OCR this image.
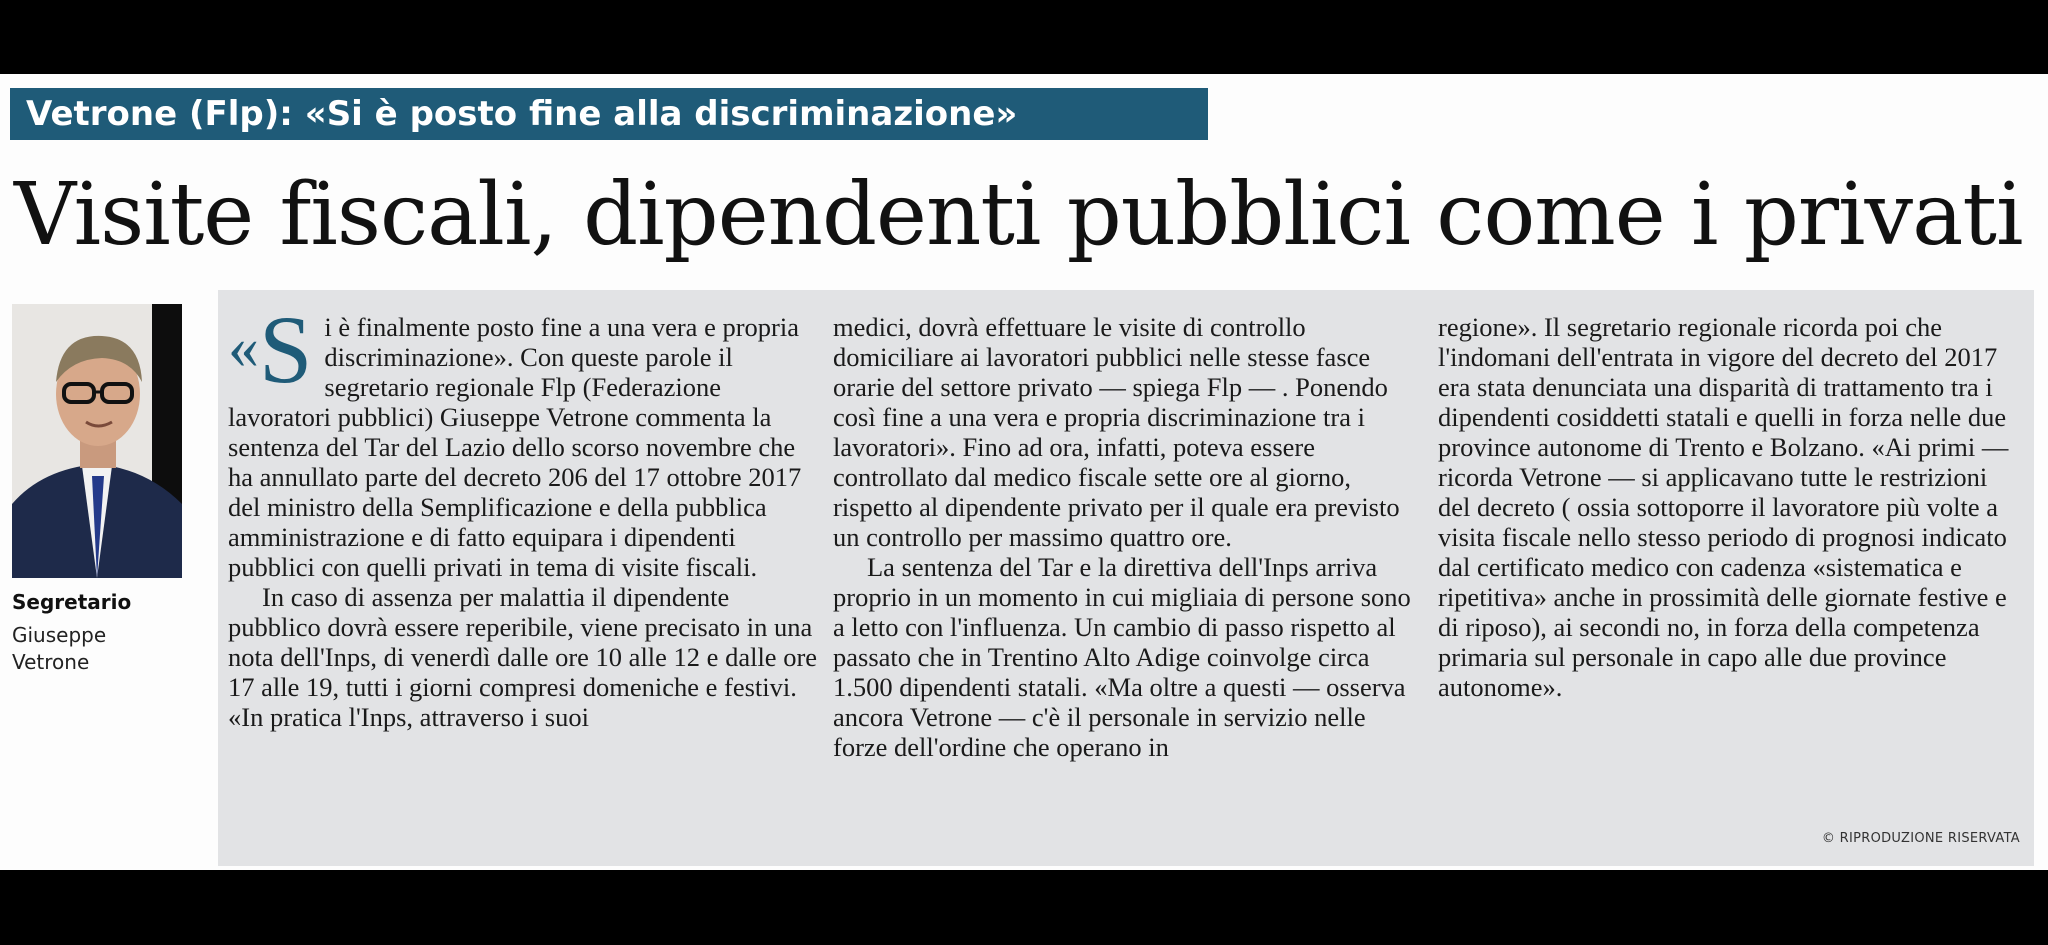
Vetrone (Flp): «Si è posto fine alla discriminazione»
Visite fiscali, dipendenti pubblici come i privati
Segretario
Giuseppe Vetrone

«S i è finalmente posto fine a una vera e propria discriminazione». Con queste parole il segretario regionale Flp (Federazione lavoratori pubblici) Giuseppe Vetrone commenta la sentenza del Tar del Lazio dello scorso novembre che ha annullato parte del decreto 206 del 17 ottobre 2017 del ministro della Semplificazione e della pubblica amministrazione e di fatto equipara i dipendenti pubblici con quelli privati in tema di visite fiscali.

In caso di assenza per malattia il dipendente pubblico dovrà essere reperibile, viene precisato in una nota dell'Inps, di venerdì dalle ore 10 alle 12 e dalle ore 17 alle 19, tutti i giorni compresi domeniche e festivi. «In pratica l'Inps, attraverso i suoi

medici, dovrà effettuare le visite di controllo domiciliare ai lavoratori pubblici nelle stesse fasce orarie del settore privato — spiega Flp — . Ponendo così fine a una vera e propria discriminazione tra i lavoratori». Fino ad ora, infatti, poteva essere controllato dal medico fiscale sette ore al giorno, rispetto al dipendente privato per il quale era previsto un controllo per massimo quattro ore.

La sentenza del Tar e la direttiva dell'Inps arriva proprio in un momento in cui migliaia di persone sono a letto con l'influenza. Un cambio di passo rispetto al passato che in Trentino Alto Adige coinvolge circa 1.500 dipendenti statali. «Ma oltre a questi — osserva ancora Vetrone — c'è il personale in servizio nelle forze dell'ordine che operano in

regione». Il segretario regionale ricorda poi che l'indomani dell'entrata in vigore del decreto del 2017 era stata denunciata una disparità di trattamento tra i dipendenti cosiddetti statali e quelli in forza nelle due province autonome di Trento e Bolzano. «Ai primi — ricorda Vetrone — si applicavano tutte le restrizioni del decreto ( ossia sottoporre il lavoratore più volte a visita fiscale nello stesso periodo di prognosi indicato dal certificato medico con cadenza «sistematica e ripetitiva» anche in prossimità delle giornate festive e di riposo), ai secondi no, in forza della competenza primaria sul personale in capo alle due province autonome».

© RIPRODUZIONE RISERVATA
